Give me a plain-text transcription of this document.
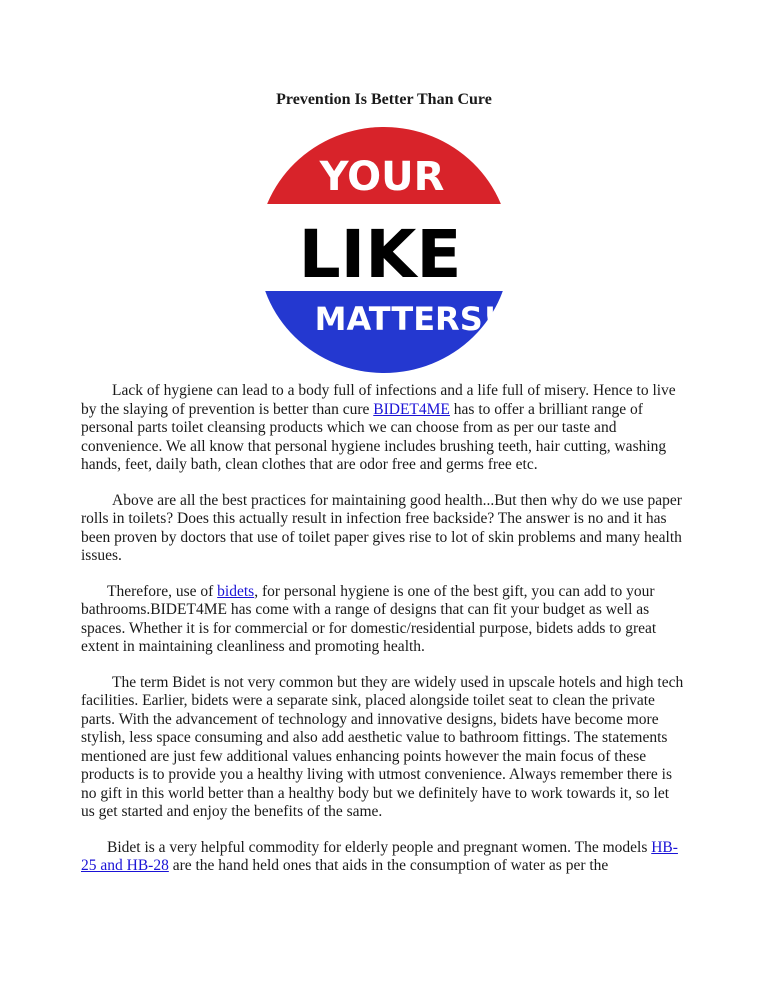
Prevention Is Better Than Cure
YOUR
LIKE
MATTERS!

Lack of hygiene can lead to a body full of infections and a life full of misery. Hence to live by the slaying of prevention is better than cure BIDET4ME has to offer a brilliant range of personal parts toilet cleansing products which we can choose from as per our taste and convenience. We all know that personal hygiene includes brushing teeth, hair cutting, washing hands, feet, daily bath, clean clothes that are odor free and germs free etc.

Above are all the best practices for maintaining good health...But then why do we use paper rolls in toilets? Does this actually result in infection free backside? The answer is no and it has been proven by doctors that use of toilet paper gives rise to lot of skin problems and many health issues.

Therefore, use of bidets, for personal hygiene is one of the best gift, you can add to your bathrooms.BIDET4ME has come with a range of designs that can fit your budget as well as spaces. Whether it is for commercial or for domestic/residential purpose, bidets adds to great extent in maintaining cleanliness and promoting health.

The term Bidet is not very common but they are widely used in upscale hotels and high tech facilities. Earlier, bidets were a separate sink, placed alongside toilet seat to clean the private parts. With the advancement of technology and innovative designs, bidets have become more stylish, less space consuming and also add aesthetic value to bathroom fittings. The statements mentioned are just few additional values enhancing points however the main focus of these products is to provide you a healthy living with utmost convenience. Always remember there is no gift in this world better than a healthy body but we definitely have to work towards it, so let us get started and enjoy the benefits of the same.

Bidet is a very helpful commodity for elderly people and pregnant women. The models HB-25 and HB-28 are the hand held ones that aids in the consumption of water as per the
